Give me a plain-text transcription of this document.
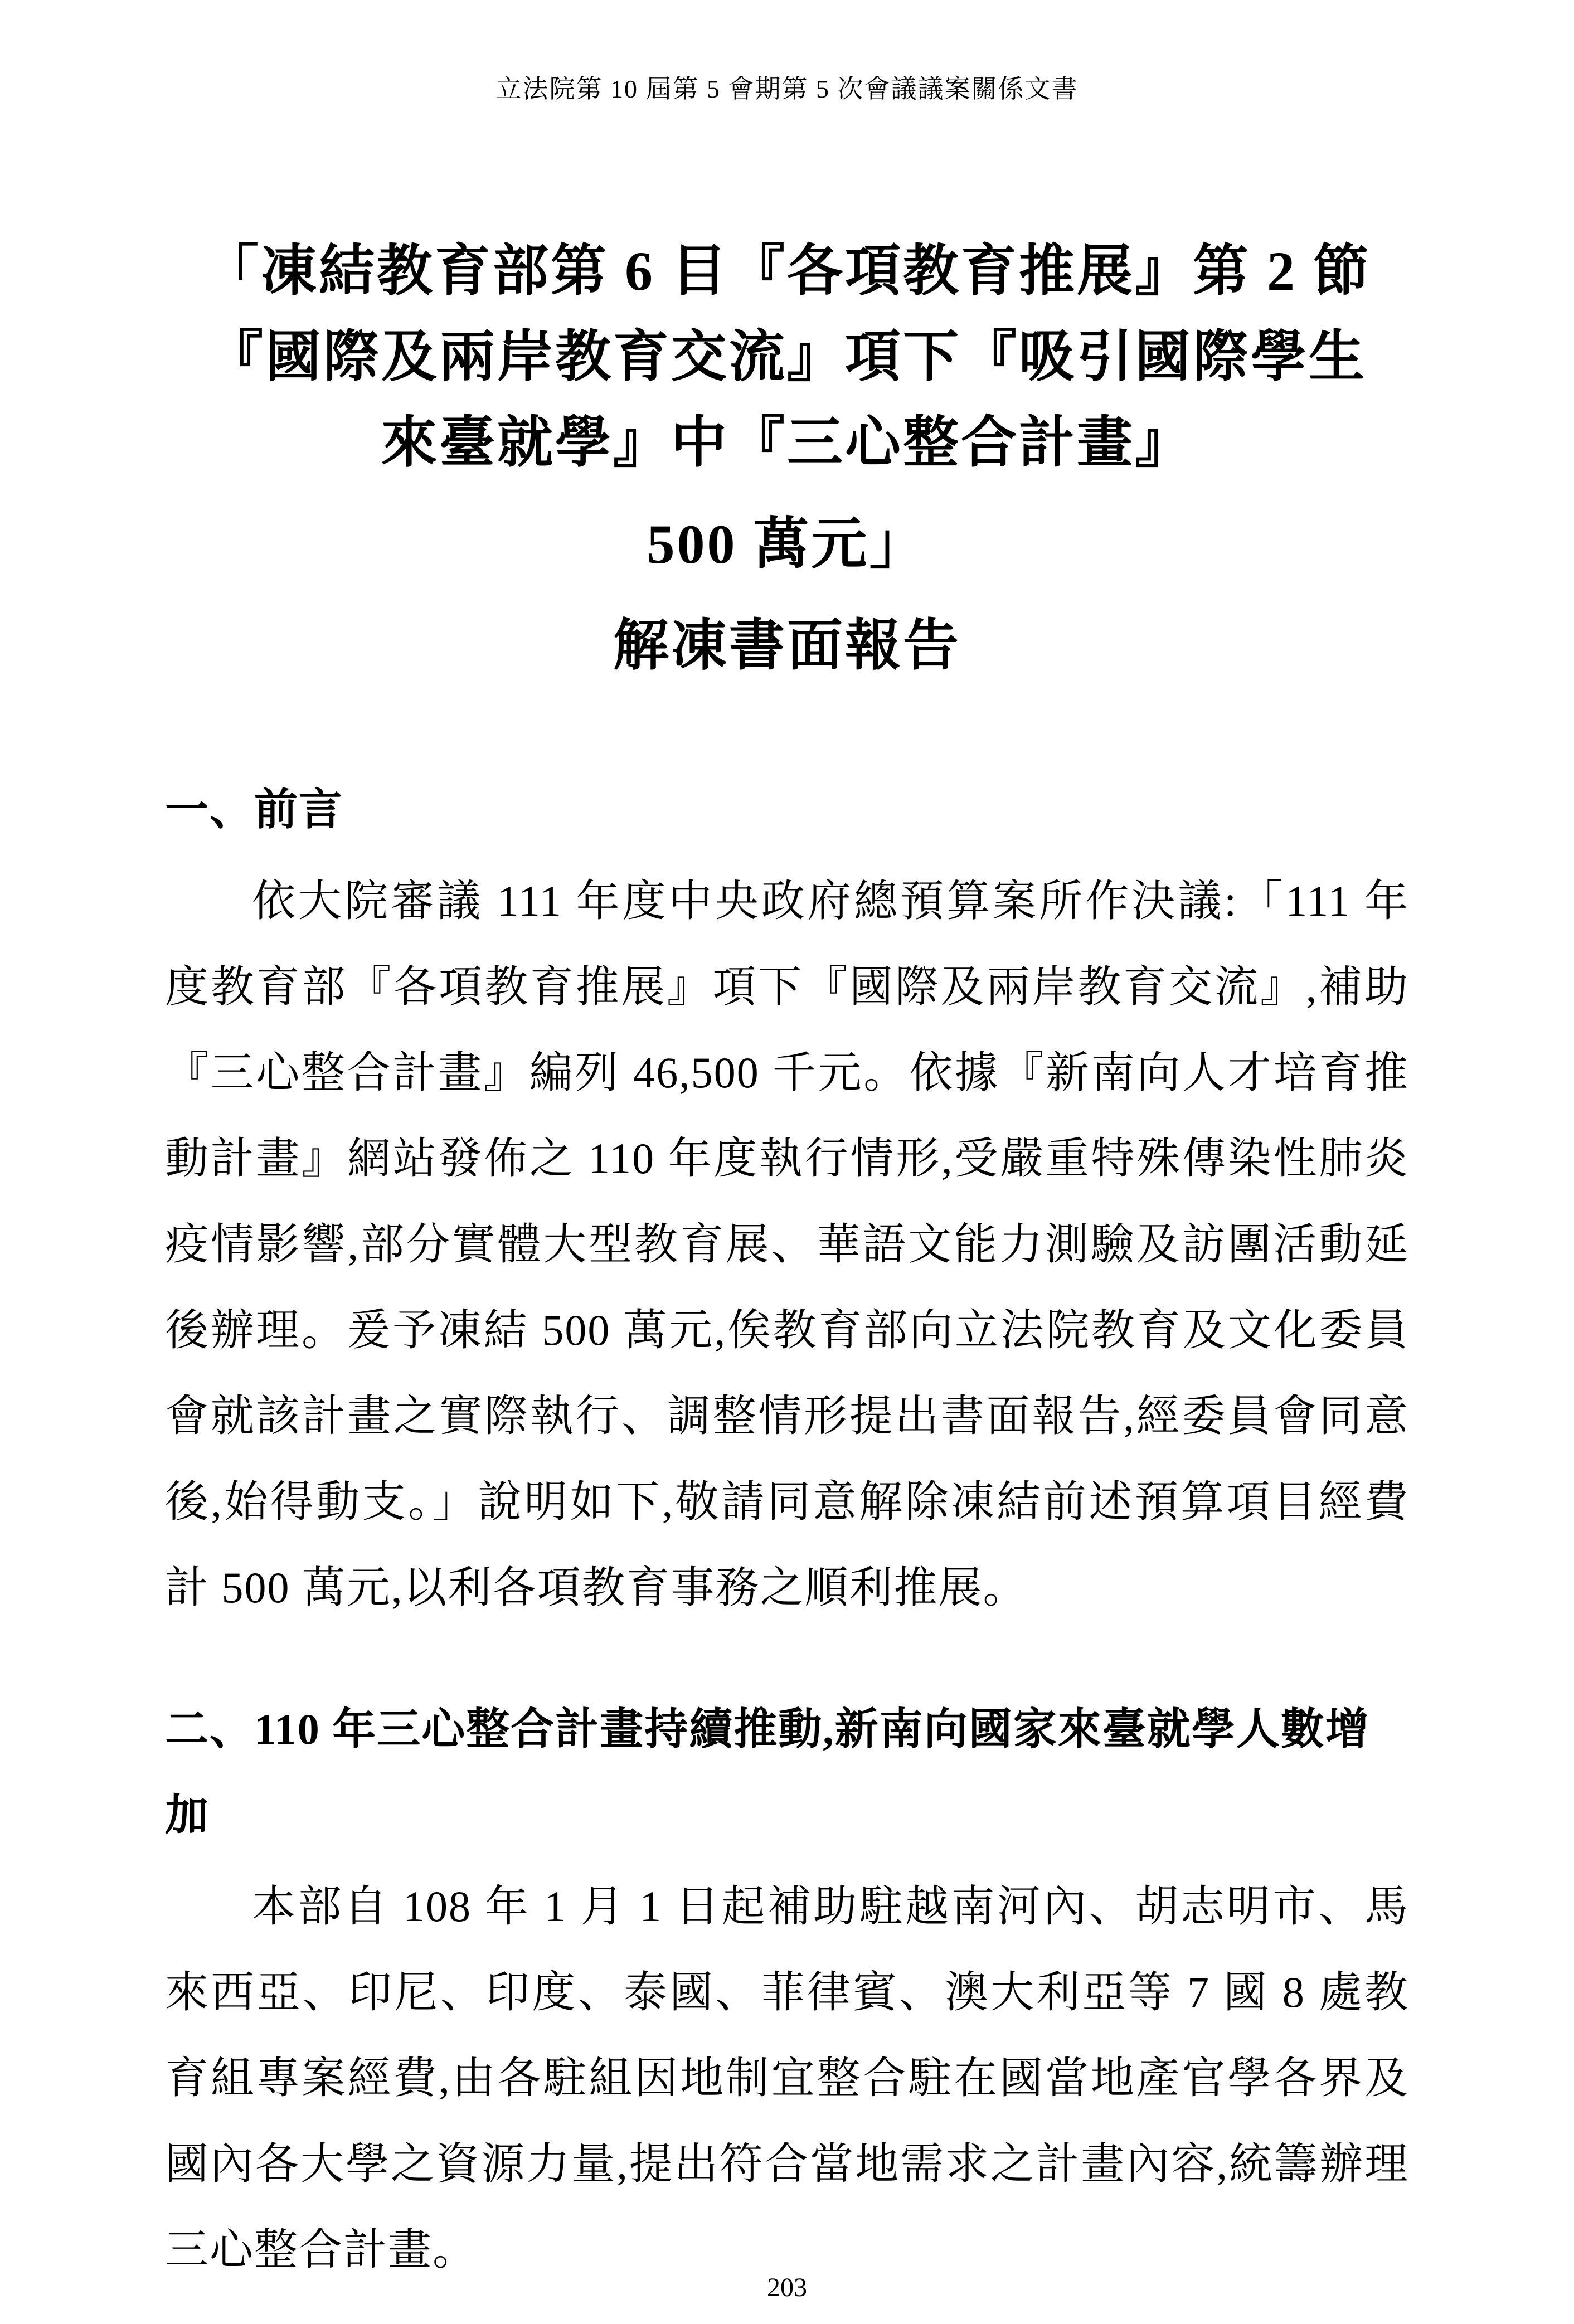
立法院第 10 屆第 5 會期第 5 次會議議案關係文書
「凍結教育部第 6 目『各項教育推展』第 2 節
『國際及兩岸教育交流』項下『吸引國際學生
來臺就學』中『三心整合計畫』
500 萬元」
解凍書面報告
一、前言

依大院審議 111 年度中央政府總預算案所作決議:「111 年度教育部『各項教育推展』項下『國際及兩岸教育交流』,補助『三心整合計畫』編列 46,500 千元。依據『新南向人才培育推動計畫』網站發佈之 110 年度執行情形,受嚴重特殊傳染性肺炎疫情影響,部分實體大型教育展、華語文能力測驗及訪團活動延後辦理。爰予凍結 500 萬元,俟教育部向立法院教育及文化委員會就該計畫之實際執行、調整情形提出書面報告,經委員會同意後,始得動支。」說明如下,敬請同意解除凍結前述預算項目經費計 500 萬元,以利各項教育事務之順利推展。

二、110 年三心整合計畫持續推動,新南向國家來臺就學人數增加

本部自 108 年 1 月 1 日起補助駐越南河內、胡志明市、馬來西亞、印尼、印度、泰國、菲律賓、澳大利亞等 7 國 8 處教育組專案經費,由各駐組因地制宜整合駐在國當地產官學各界及國內各大學之資源力量,提出符合當地需求之計畫內容,統籌辦理三心整合計畫。

203
